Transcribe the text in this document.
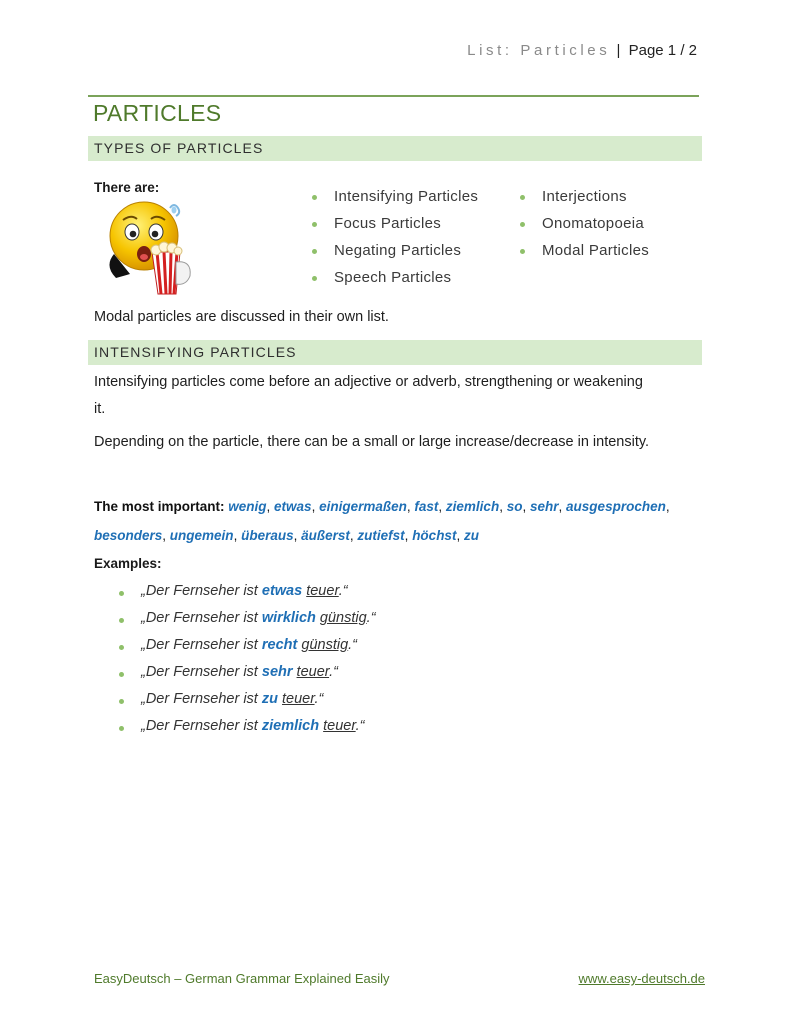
List: Particles | Page 1 / 2
PARTICLES
TYPES OF PARTICLES
There are:
Intensifying Particles
Focus Particles
Negating Particles
Speech Particles
Interjections
Onomatopoeia
Modal Particles
Modal particles are discussed in their own list.
INTENSIFYING PARTICLES
Intensifying particles come before an adjective or adverb, strengthening or weakening it.
Depending on the particle, there can be a small or large increase/decrease in intensity.
The most important: wenig, etwas, einigermaßen, fast, ziemlich, so, sehr, ausgesprochen, besonders, ungemein, überaus, äußerst, zutiefst, höchst, zu
Examples:
„Der Fernseher ist etwas teuer.“
„Der Fernseher ist wirklich günstig.“
„Der Fernseher ist recht günstig.“
„Der Fernseher ist sehr teuer.“
„Der Fernseher ist zu teuer.“
„Der Fernseher ist ziemlich teuer.“
EasyDeutsch – German Grammar Explained Easily	www.easy-deutsch.de
